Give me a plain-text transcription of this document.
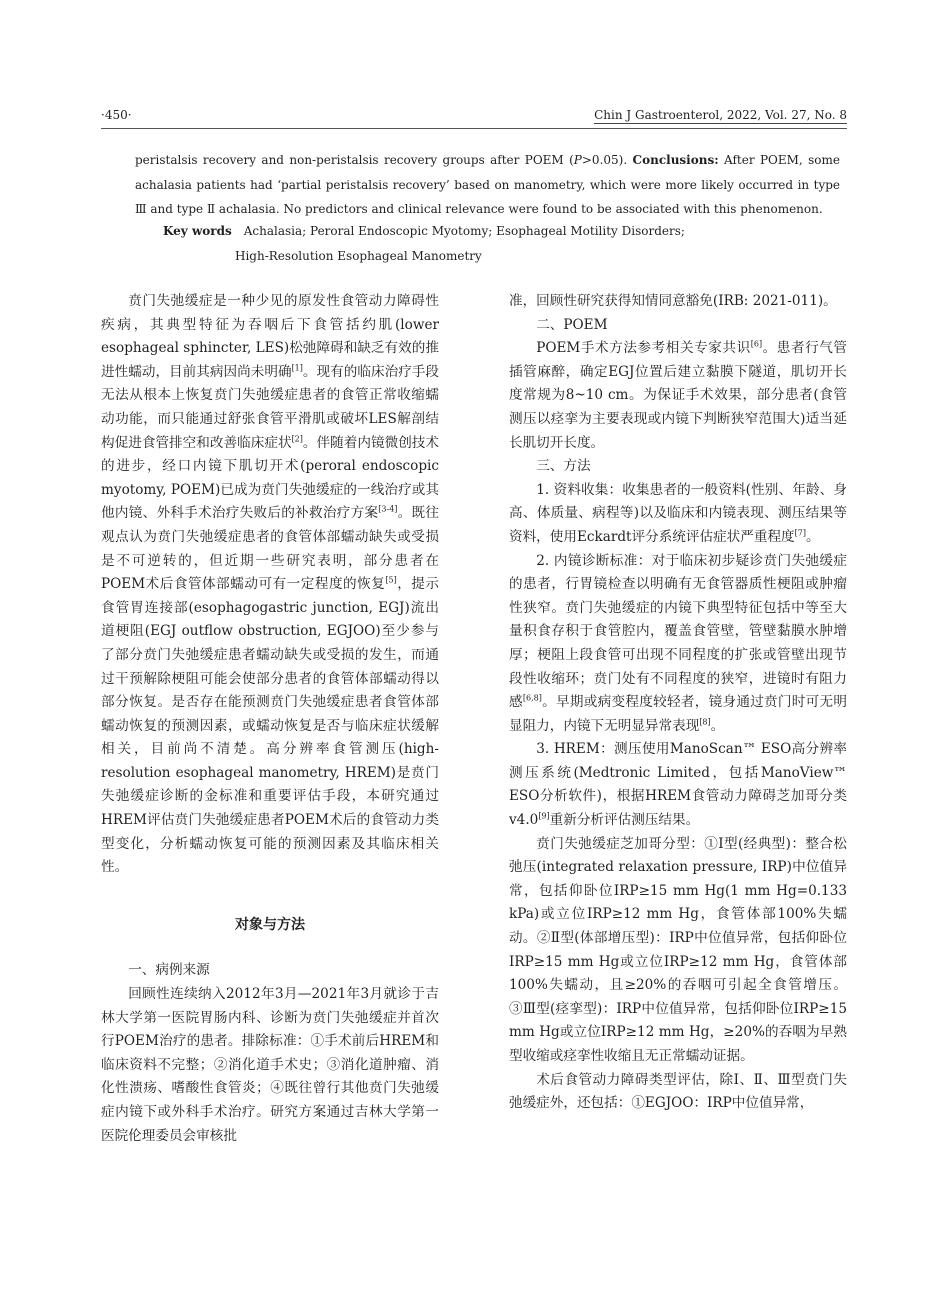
·450·	Chin J Gastroenterol, 2022, Vol. 27, No. 8
peristalsis recovery and non-peristalsis recovery groups after POEM (P>0.05). Conclusions: After POEM, some achalasia patients had ‘partial peristalsis recovery’ based on manometry, which were more likely occurred in type Ⅲ and type Ⅱ achalasia. No predictors and clinical relevance were found to be associated with this phenomenon.
Key words Achalasia; Peroral Endoscopic Myotomy; Esophageal Motility Disorders;
High-Resolution Esophageal Manometry

贲门失弛缓症是一种少见的原发性食管动力障碍性疾病，其典型特征为吞咽后下食管括约肌(lower esophageal sphincter, LES)松弛障碍和缺乏有效的推进性蠕动，目前其病因尚未明确[1]。现有的临床治疗手段无法从根本上恢复贲门失弛缓症患者的食管正常收缩蠕动功能，而只能通过舒张食管平滑肌或破坏LES解剖结构促进食管排空和改善临床症状[2]。伴随着内镜微创技术的进步，经口内镜下肌切开术(peroral endoscopic myotomy, POEM)已成为贲门失弛缓症的一线治疗或其他内镜、外科手术治疗失败后的补救治疗方案[3-4]。既往观点认为贲门失弛缓症患者的食管体部蠕动缺失或受损是不可逆转的，但近期一些研究表明，部分患者在POEM术后食管体部蠕动可有一定程度的恢复[5]，提示食管胃连接部(esophagogastric junction, EGJ)流出道梗阻(EGJ outflow obstruction, EGJOO)至少参与了部分贲门失弛缓症患者蠕动缺失或受损的发生，而通过干预解除梗阻可能会使部分患者的食管体部蠕动得以部分恢复。是否存在能预测贲门失弛缓症患者食管体部蠕动恢复的预测因素，或蠕动恢复是否与临床症状缓解相关，目前尚不清楚。高分辨率食管测压(high-resolution esophageal manometry, HREM)是贲门失弛缓症诊断的金标准和重要评估手段，本研究通过HREM评估贲门失弛缓症患者POEM术后的食管动力类型变化，分析蠕动恢复可能的预测因素及其临床相关性。

对象与方法

一、病例来源

回顾性连续纳入2012年3月—2021年3月就诊于吉林大学第一医院胃肠内科、诊断为贲门失弛缓症并首次行POEM治疗的患者。排除标准：①手术前后HREM和临床资料不完整；②消化道手术史；③消化道肿瘤、消化性溃疡、嗜酸性食管炎；④既往曾行其他贲门失弛缓症内镜下或外科手术治疗。研究方案通过吉林大学第一医院伦理委员会审核批

准，回顾性研究获得知情同意豁免(IRB: 2021-011)。

二、POEM

POEM手术方法参考相关专家共识[6]。患者行气管插管麻醉，确定EGJ位置后建立黏膜下隧道，肌切开长度常规为8~10 cm。为保证手术效果，部分患者(食管测压以痉挛为主要表现或内镜下判断狭窄范围大)适当延长肌切开长度。

三、方法

1. 资料收集：收集患者的一般资料(性别、年龄、身高、体质量、病程等)以及临床和内镜表现、测压结果等资料，使用Eckardt评分系统评估症状严重程度[7]。

2. 内镜诊断标准：对于临床初步疑诊贲门失弛缓症的患者，行胃镜检查以明确有无食管器质性梗阻或肿瘤性狭窄。贲门失弛缓症的内镜下典型特征包括中等至大量积食存积于食管腔内，覆盖食管壁，管壁黏膜水肿增厚；梗阻上段食管可出现不同程度的扩张或管壁出现节段性收缩环；贲门处有不同程度的狭窄，进镜时有阻力感[6,8]。早期或病变程度较轻者，镜身通过贲门时可无明显阻力，内镜下无明显异常表现[8]。

3. HREM：测压使用ManoScan™ ESO高分辨率测压系统(Medtronic Limited，包括ManoView™ ESO分析软件)，根据HREM食管动力障碍芝加哥分类v4.0[9]重新分析评估测压结果。

贲门失弛缓症芝加哥分型：①Ⅰ型(经典型)：整合松弛压(integrated relaxation pressure, IRP)中位值异常，包括仰卧位IRP≥15 mm Hg(1 mm Hg=0.133 kPa)或立位IRP≥12 mm Hg，食管体部100%失蠕动。②Ⅱ型(体部增压型)：IRP中位值异常，包括仰卧位IRP≥15 mm Hg或立位IRP≥12 mm Hg，食管体部100%失蠕动，且≥20%的吞咽可引起全食管增压。③Ⅲ型(痉挛型)：IRP中位值异常，包括仰卧位IRP≥15 mm Hg或立位IRP≥12 mm Hg，≥20%的吞咽为早熟型收缩或痉挛性收缩且无正常蠕动证据。

术后食管动力障碍类型评估，除Ⅰ、Ⅱ、Ⅲ型贲门失弛缓症外，还包括：①EGJOO：IRP中位值异常，
